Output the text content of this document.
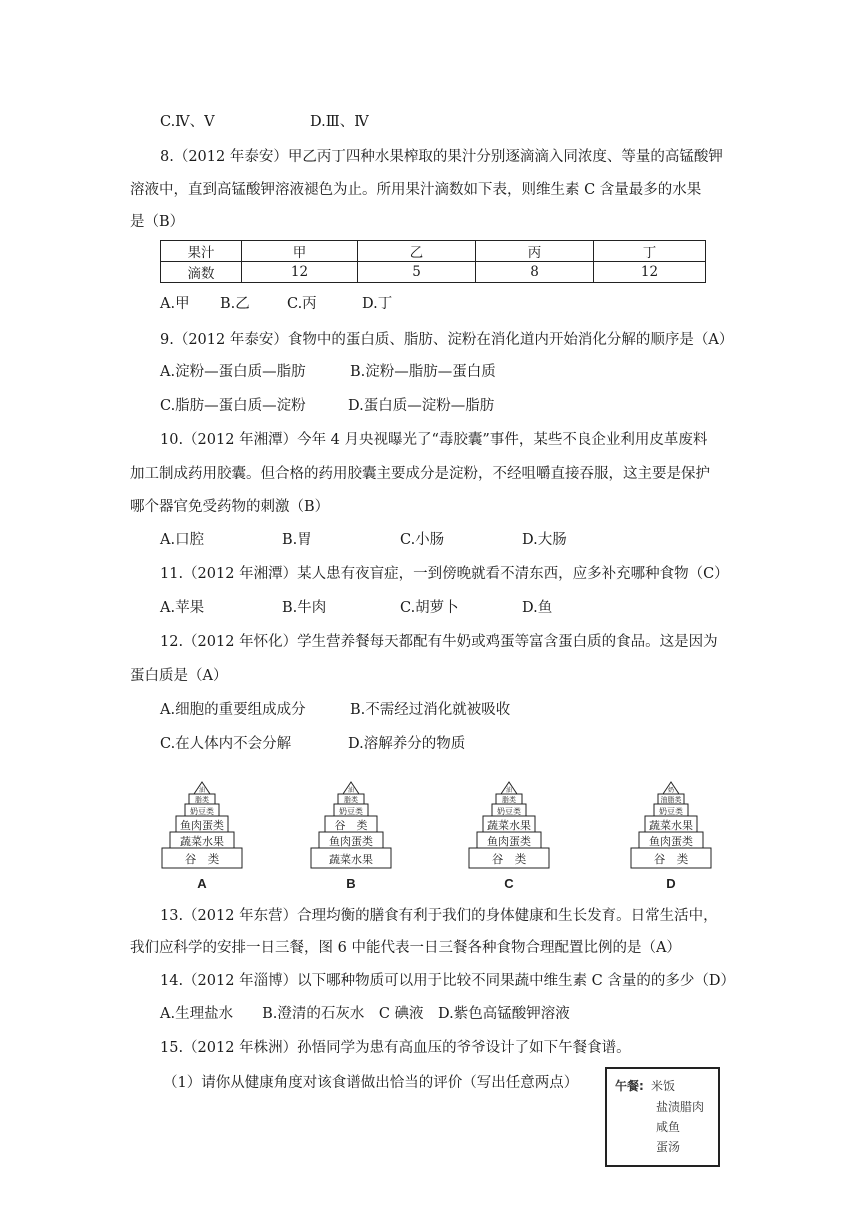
C.Ⅳ、Ⅴ	D.Ⅲ、Ⅳ
8.（2012 年泰安）甲乙丙丁四种水果榨取的果汁分别逐滴滴入同浓度、等量的高锰酸钾
溶液中，直到高锰酸钾溶液褪色为止。所用果汁滴数如下表，则维生素 C 含量最多的水果
是（B）
果汁	甲	乙	丙	丁
滴数	12	5	8	12
A.甲 B.乙	C.丙	D.丁
9.（2012 年泰安）食物中的蛋白质、脂肪、淀粉在消化道内开始消化分解的顺序是（A）
A.淀粉—蛋白质—脂肪	B.淀粉—脂肪—蛋白质
C.脂肪—蛋白质—淀粉	D.蛋白质—淀粉—脂肪
10.（2012 年湘潭）今年 4 月央视曝光了“毒胶囊”事件，某些不良企业利用皮革废料
加工制成药用胶囊。但合格的药用胶囊主要成分是淀粉，不经咀嚼直接吞服，这主要是保护
哪个器官免受药物的刺激（B）
A.口腔	B.胃	C.小肠	D.大肠
11.（2012 年湘潭）某人患有夜盲症，一到傍晚就看不清东西，应多补充哪种食物（C）
A.苹果	B.牛肉	C.胡萝卜	D.鱼
12.（2012 年怀化）学生营养餐每天都配有牛奶或鸡蛋等富含蛋白质的食品。这是因为
蛋白质是（A）
A.细胞的重要组成成分	B.不需经过消化就被吸收
C.在人体内不会分解	D.溶解养分的物质
谷　类
蔬菜水果
鱼肉蛋类
奶豆类
脂类
油
A
蔬菜水果
鱼肉蛋类
谷　类
奶豆类
脂类
油
B
谷　类
鱼肉蛋类
蔬菜水果
奶豆类
脂类
油
C
谷　类
鱼肉蛋类
蔬菜水果
奶豆类
油脂类
奶
D
13.（2012 年东营）合理均衡的膳食有利于我们的身体健康和生长发育。日常生活中，
我们应科学的安排一日三餐，图 6 中能代表一日三餐各种食物合理配置比例的是（A）
14.（2012 年淄博）以下哪种物质可以用于比较不同果蔬中维生素 C 含量的的多少（D）
A.生理盐水　　B.澄清的石灰水　C 碘液　D.紫色高锰酸钾溶液
15.（2012 年株洲）孙悟同学为患有高血压的爷爷设计了如下午餐食谱。
（1）请你从健康角度对该食谱做出恰当的评价（写出任意两点）	午餐: 米饭
盐渍腊肉
咸鱼
蛋汤
